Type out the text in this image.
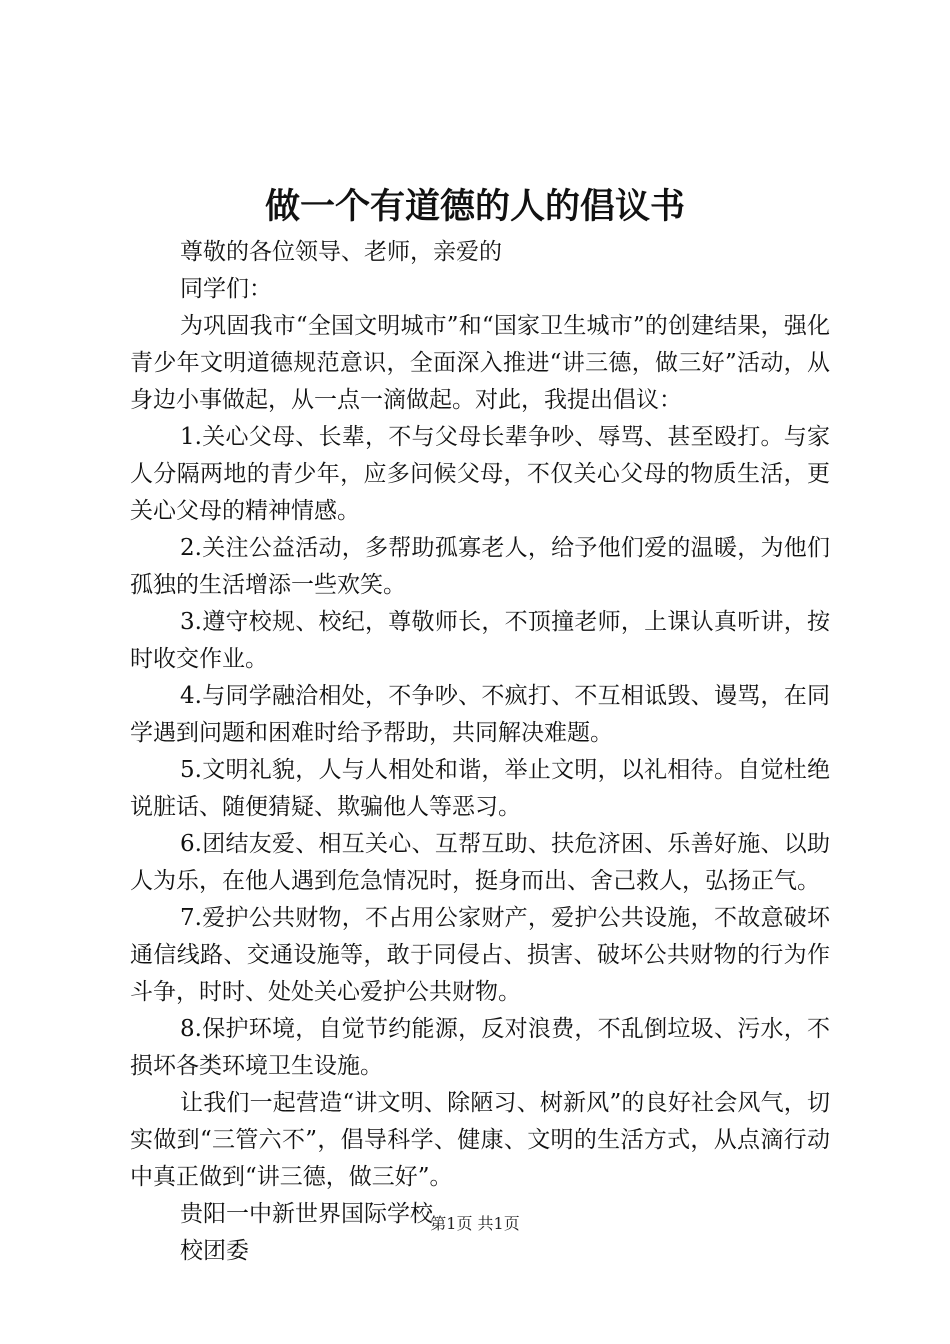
做一个有道德的人的倡议书

尊敬的各位领导、老师，亲爱的

同学们：

为巩固我市“全国文明城市”和“国家卫生城市”的创建结果，强化青少年文明道德规范意识，全面深入推进“讲三德，做三好”活动，从身边小事做起，从一点一滴做起。对此，我提出倡议：

1.关心父母、长辈，不与父母长辈争吵、辱骂、甚至殴打。与家人分隔两地的青少年，应多问候父母，不仅关心父母的物质生活，更关心父母的精神情感。

2.关注公益活动，多帮助孤寡老人，给予他们爱的温暖，为他们孤独的生活增添一些欢笑。

3.遵守校规、校纪，尊敬师长，不顶撞老师，上课认真听讲，按时收交作业。

4.与同学融洽相处，不争吵、不疯打、不互相诋毁、谩骂，在同学遇到问题和困难时给予帮助，共同解决难题。

5.文明礼貌，人与人相处和谐，举止文明，以礼相待。自觉杜绝说脏话、随便猜疑、欺骗他人等恶习。

6.团结友爱、相互关心、互帮互助、扶危济困、乐善好施、以助人为乐，在他人遇到危急情况时，挺身而出、舍己救人，弘扬正气。

7.爱护公共财物，不占用公家财产，爱护公共设施，不故意破坏通信线路、交通设施等，敢于同侵占、损害、破坏公共财物的行为作斗争，时时、处处关心爱护公共财物。

8.保护环境，自觉节约能源，反对浪费，不乱倒垃圾、污水，不损坏各类环境卫生设施。

让我们一起营造“讲文明、除陋习、树新风”的良好社会风气，切实做到“三管六不”，倡导科学、健康、文明的生活方式，从点滴行动中真正做到“讲三德，做三好”。

贵阳一中新世界国际学校

校团委

第1页 共1页
